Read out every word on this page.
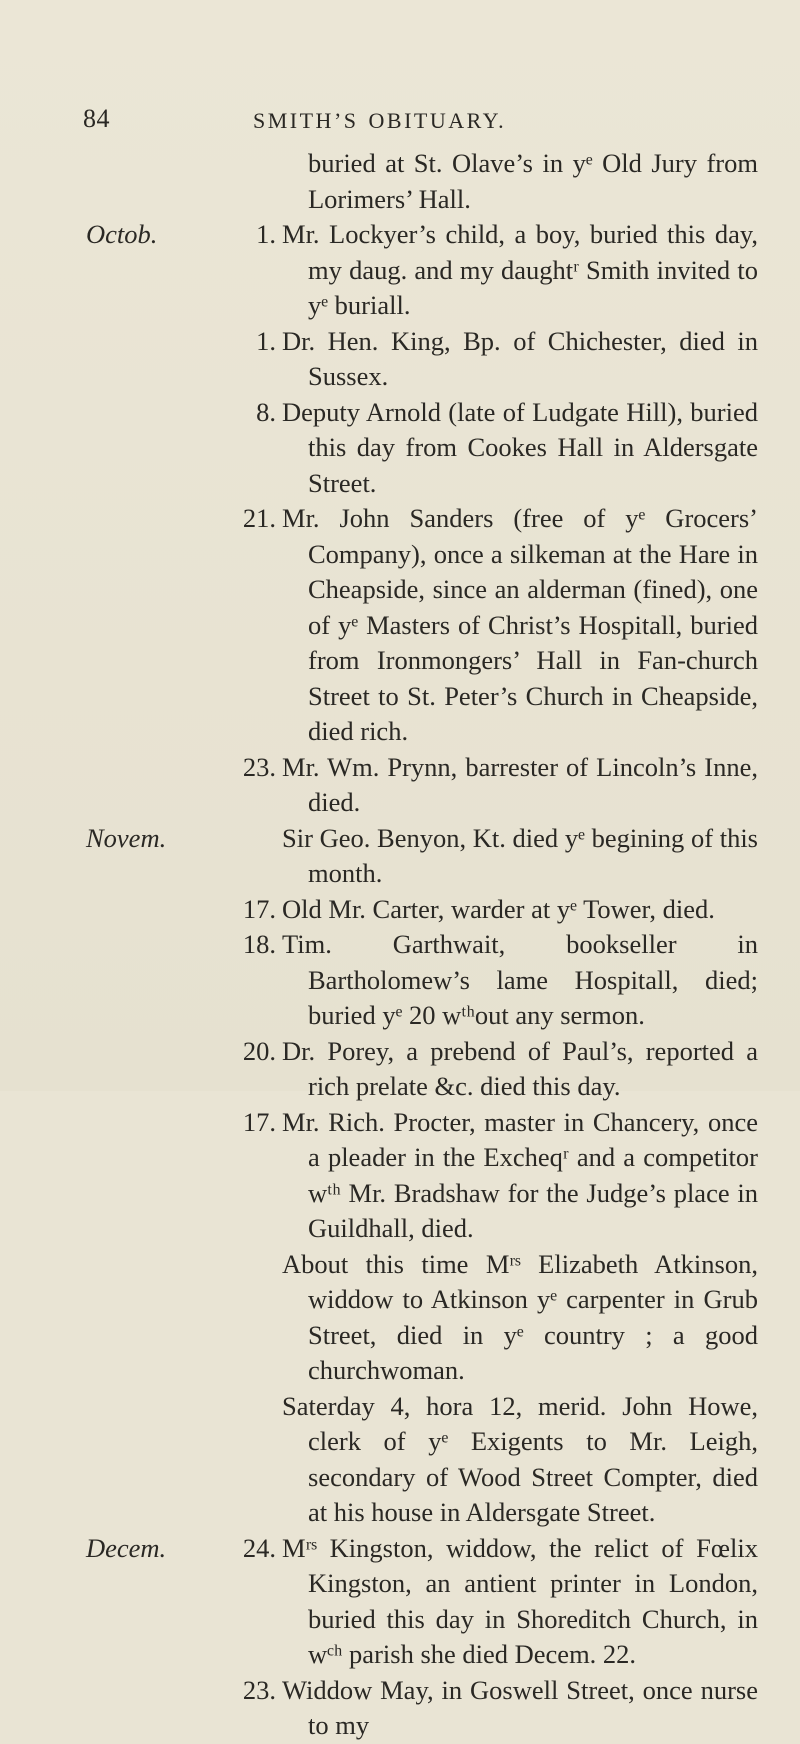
84	SMITH’S OBITUARY.
buried at St. Olave’s in yᵉ Old Jury from Lorimers’ Hall.
Octob.	1. Mr. Lockyer’s child, a boy, buried this day, my daug. and my daughtʳ Smith invited to yᵉ buriall.
1. Dr. Hen. King, Bp. of Chichester, died in Sussex.
8. Deputy Arnold (late of Ludgate Hill), buried this day from Cookes Hall in Aldersgate Street.
21. Mr. John Sanders (free of yᵉ Grocers’ Company), once a silkeman at the Hare in Cheapside, since an alderman (fined), one of yᵉ Masters of Christ’s Hospitall, buried from Ironmongers’ Hall in Fan-church Street to St. Peter’s Church in Cheapside, died rich.
23. Mr. Wm. Prynn, barrester of Lincoln’s Inne, died.
Novem.	Sir Geo. Benyon, Kt. died yᵉ begining of this month.
17. Old Mr. Carter, warder at yᵉ Tower, died.
18. Tim. Garthwait, bookseller in Bartholomew’s lame Hospitall, died; buried yᵉ 20 wᵗʰout any sermon.
20. Dr. Porey, a prebend of Paul’s, reported a rich prelate &c. died this day.
17. Mr. Rich. Procter, master in Chancery, once a pleader in the Excheqʳ and a competitor wᵗʰ Mr. Bradshaw for the Judge’s place in Guildhall, died.
About this time Mʳˢ Elizabeth Atkinson, widdow to Atkinson yᵉ carpenter in Grub Street, died in yᵉ country ; a good churchwoman.
Saterday 4, hora 12, merid. John Howe, clerk of yᵉ Exigents to Mr. Leigh, secondary of Wood Street Compter, died at his house in Aldersgate Street.
Decem.	24. Mʳˢ Kingston, widdow, the relict of Fœlix Kingston, an antient printer in London, buried this day in Shoreditch Church, in wᶜʰ parish she died Decem. 22.
23. Widdow May, in Goswell Street, once nurse to my
